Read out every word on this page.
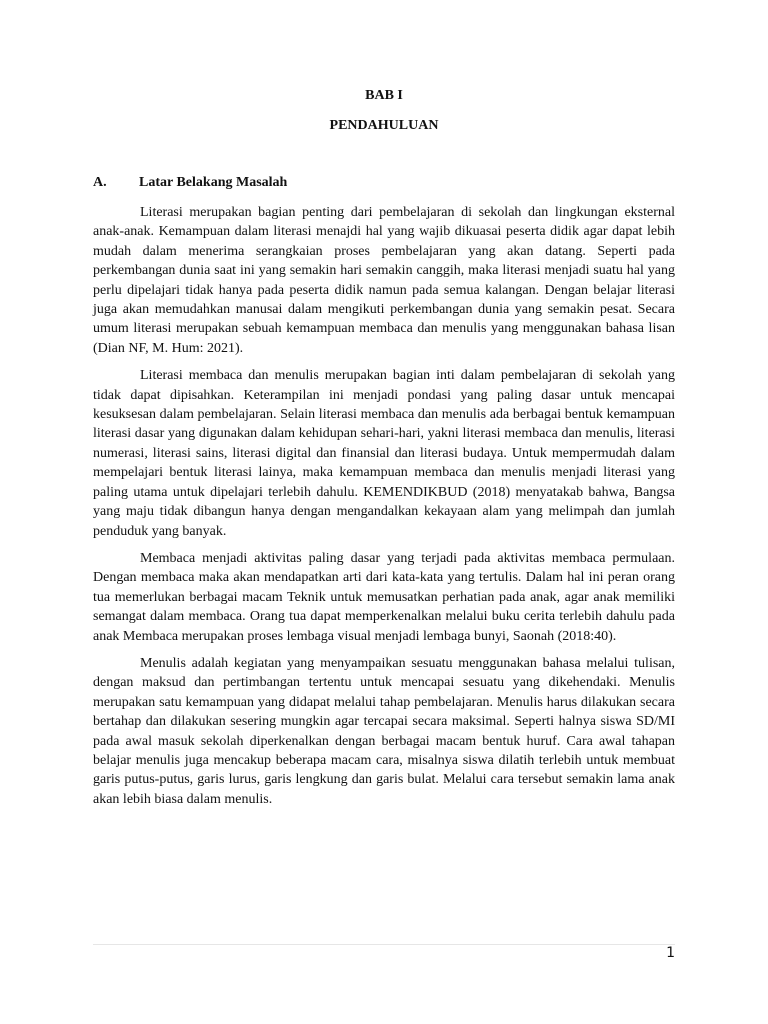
BAB I

PENDAHULUAN

A.	Latar Belakang Masalah

Literasi merupakan bagian penting dari pembelajaran di sekolah dan lingkungan eksternal anak-anak. Kemampuan dalam literasi menajdi hal yang wajib dikuasai peserta didik agar dapat lebih mudah dalam menerima serangkaian proses pembelajaran yang akan datang. Seperti pada perkembangan dunia saat ini yang semakin hari semakin canggih, maka literasi menjadi suatu hal yang perlu dipelajari tidak hanya pada peserta didik namun pada semua kalangan. Dengan belajar literasi juga akan memudahkan manusai dalam mengikuti perkembangan dunia yang semakin pesat. Secara umum literasi merupakan sebuah kemampuan membaca dan menulis yang menggunakan bahasa lisan (Dian NF, M. Hum: 2021).

Literasi membaca dan menulis merupakan bagian inti dalam pembelajaran di sekolah yang tidak dapat dipisahkan. Keterampilan ini menjadi pondasi yang paling dasar untuk mencapai kesuksesan dalam pembelajaran. Selain literasi membaca dan menulis ada berbagai bentuk kemampuan literasi dasar yang digunakan dalam kehidupan sehari-hari, yakni literasi membaca dan menulis, literasi numerasi, literasi sains, literasi digital dan finansial dan literasi budaya. Untuk mempermudah dalam mempelajari bentuk literasi lainya, maka kemampuan membaca dan menulis menjadi literasi yang paling utama untuk dipelajari terlebih dahulu. KEMENDIKBUD (2018) menyatakab bahwa, Bangsa yang maju tidak dibangun hanya dengan mengandalkan kekayaan alam yang melimpah dan jumlah penduduk yang banyak.

Membaca menjadi aktivitas paling dasar yang terjadi pada aktivitas membaca permulaan. Dengan membaca maka akan mendapatkan arti dari kata-kata yang tertulis. Dalam hal ini peran orang tua memerlukan berbagai macam Teknik untuk memusatkan perhatian pada anak, agar anak memiliki semangat dalam membaca. Orang tua dapat memperkenalkan melalui buku cerita terlebih dahulu pada anak Membaca merupakan proses lembaga visual menjadi lembaga bunyi, Saonah (2018:40).

Menulis adalah kegiatan yang menyampaikan sesuatu menggunakan bahasa melalui tulisan, dengan maksud dan pertimbangan tertentu untuk mencapai sesuatu yang dikehendaki. Menulis merupakan satu kemampuan yang didapat melalui tahap pembelajaran. Menulis harus dilakukan secara bertahap dan dilakukan sesering mungkin agar tercapai secara maksimal. Seperti halnya siswa SD/MI pada awal masuk sekolah diperkenalkan dengan berbagai macam bentuk huruf. Cara awal tahapan belajar menulis juga mencakup beberapa macam cara, misalnya siswa dilatih terlebih untuk membuat garis putus-putus, garis lurus, garis lengkung dan garis bulat. Melalui cara tersebut semakin lama anak akan lebih biasa dalam menulis.

1
